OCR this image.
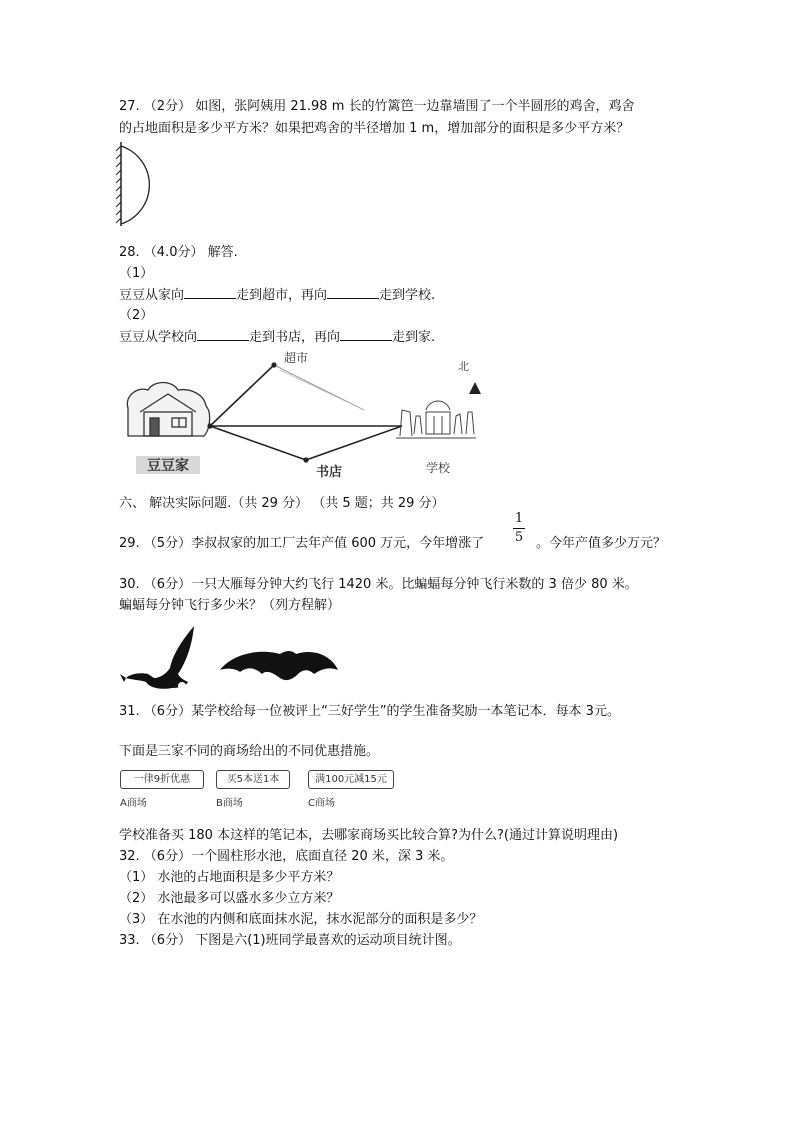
27. （2分） 如图，张阿姨用 21.98 m 长的竹篱笆一边靠墙围了一个半圆形的鸡舍，鸡舍
的占地面积是多少平方米？如果把鸡舍的半径增加 1 m，增加部分的面积是多少平方米？
28. （4.0分） 解答.
（1）
豆豆从家向	走到超市，再向	走到学校.
（2）
豆豆从学校向	走到书店，再向	走到家.
豆豆家
超市
书店	学校
北
六、 解决实际问题.（共 29 分） （共 5 题；共 29 分）
29. （5分）李叔叔家的加工厂去年产值 600 万元，今年增涨了
1
5 。今年产值多少万元？
30. （6分）一只大雁每分钟大约飞行 1420 米。比蝙蝠每分钟飞行米数的 3 倍少 80 米。
蝙蝠每分钟飞行多少米？（列方程解）
31. （6分）某学校给每一位被评上“三好学生”的学生准备奖励一本笔记本．每本 3元。
下面是三家不同的商场给出的不同优惠措施。
一律9折优惠
A商场
买5本送1本
B商场
满100元减15元
C商场
学校准备买 180 本这样的笔记本，去哪家商场买比较合算?为什么?(通过计算说明理由)
32. （6分）一个圆柱形水池，底面直径 20 米，深 3 米。
（1） 水池的占地面积是多少平方米？
（2） 水池最多可以盛水多少立方米？
（3） 在水池的内侧和底面抹水泥，抹水泥部分的面积是多少？
33. （6分） 下图是六(1)班同学最喜欢的运动项目统计图。
